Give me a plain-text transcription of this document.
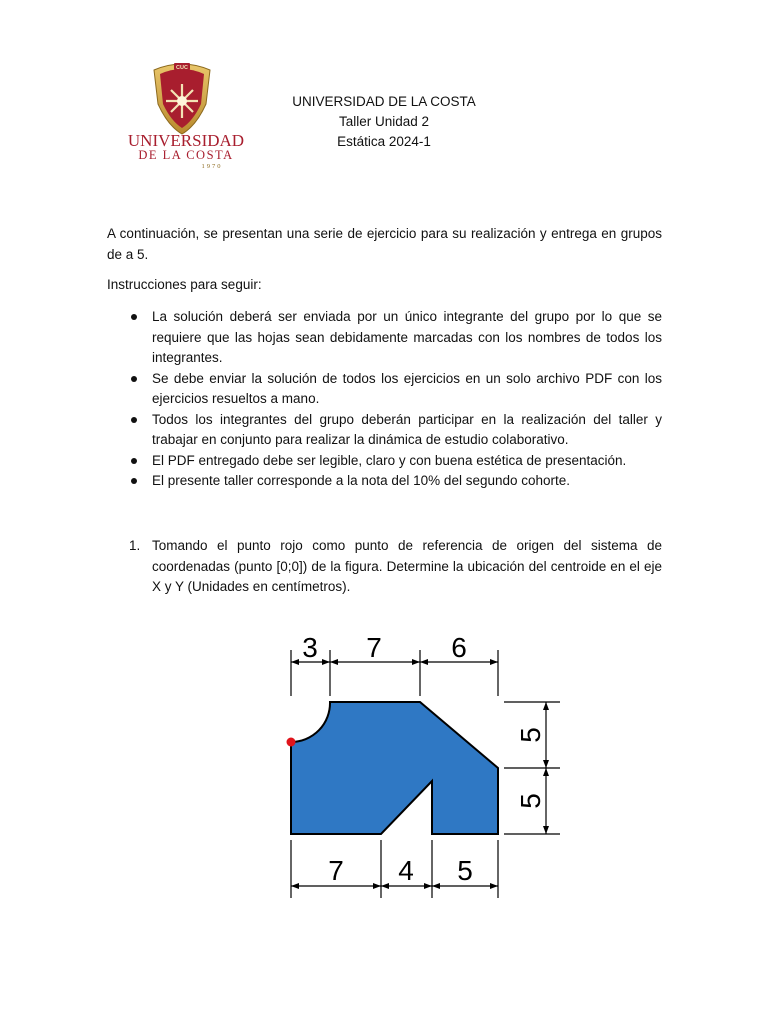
CUC
UNIVERSIDAD
DE LA COSTA
1970
UNIVERSIDAD DE LA COSTA
Taller Unidad 2
Estática 2024-1
A continuación, se presentan una serie de ejercicio para su realización y entrega en grupos de a 5.
Instrucciones para seguir:
La solución deberá ser enviada por un único integrante del grupo por lo que se requiere que las hojas sean debidamente marcadas con los nombres de todos los integrantes.
Se debe enviar la solución de todos los ejercicios en un solo archivo PDF con los ejercicios resueltos a mano.
Todos los integrantes del grupo deberán participar en la realización del taller y trabajar en conjunto para realizar la dinámica de estudio colaborativo.
El PDF entregado debe ser legible, claro y con buena estética de presentación.
El presente taller corresponde a la nota del 10% del segundo cohorte.
1. Tomando el punto rojo como punto de referencia de origen del sistema de coordenadas (punto [0;0]) de la figura. Determine la ubicación del centroide en el eje X y Y (Unidades en centímetros).
3 7 6
7 4 5
5
5
